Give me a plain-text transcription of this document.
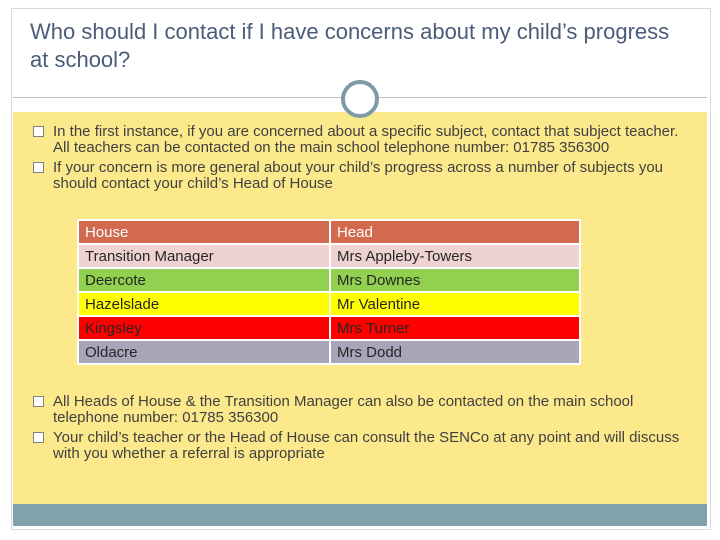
Who should I contact if I have concerns about my child’s progress at school?
In the first instance, if you are concerned about a specific subject, contact that subject teacher. All teachers can be contacted on the main school telephone number: 01785 356300
If your concern is more general about your child’s progress across a number of subjects you should contact your child’s Head of House
House	Head
Transition Manager	Mrs Appleby-Towers
Deercote	Mrs Downes
Hazelslade	Mr Valentine
Kingsley	Mrs Turner
Oldacre	Mrs Dodd
All Heads of House & the Transition Manager can also be contacted on the main school telephone number: 01785 356300
Your child’s teacher or the Head of House can consult the SENCo at any point and will discuss with you whether a referral is appropriate
